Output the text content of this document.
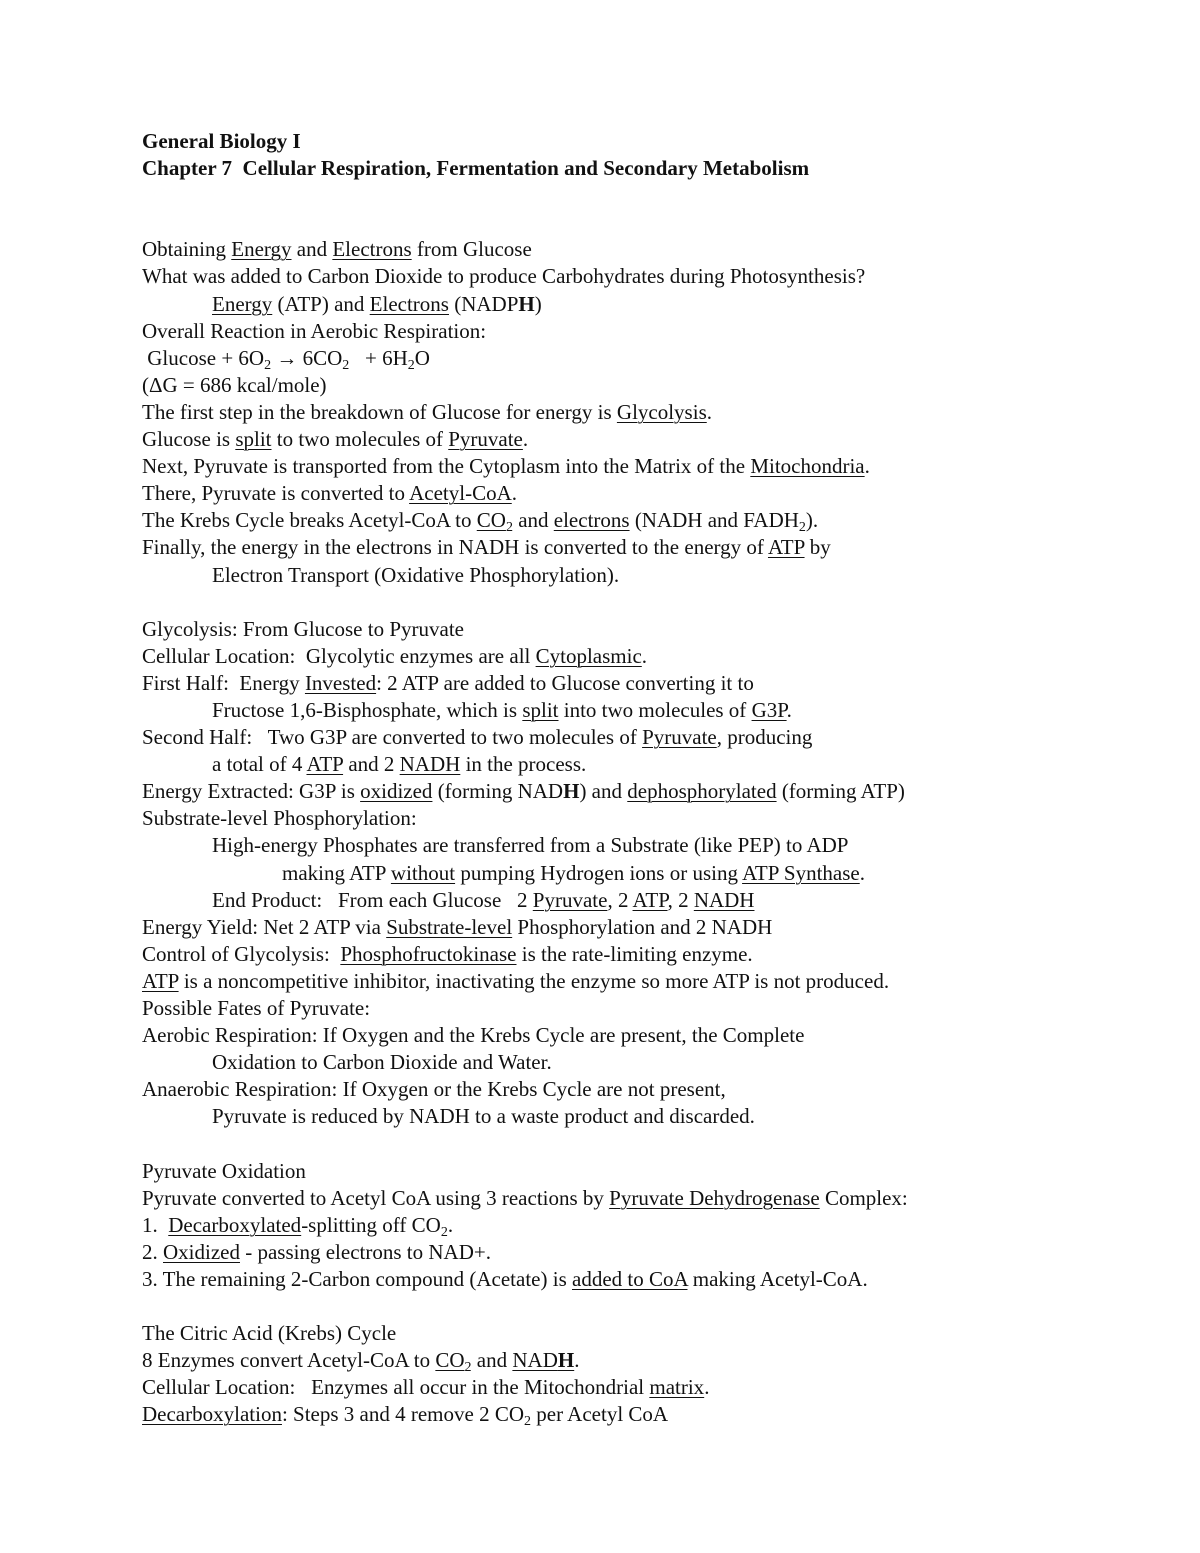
General Biology I
Chapter 7  Cellular Respiration, Fermentation and Secondary Metabolism
Obtaining Energy and Electrons from Glucose
What was added to Carbon Dioxide to produce Carbohydrates during Photosynthesis?
Energy (ATP) and Electrons (NADPH)
Overall Reaction in Aerobic Respiration:
$Glucose + 6O_2 \to 6CO_2 + 6H_2O$
(ΔG = 686 kcal/mole)
The first step in the breakdown of Glucose for energy is Glycolysis.
Glucose is split to two molecules of Pyruvate.
Next, Pyruvate is transported from the Cytoplasm into the Matrix of the Mitochondria.
There, Pyruvate is converted to Acetyl-CoA.
The Krebs Cycle breaks Acetyl-CoA to $CO_2$ and electrons (NADH and $FADH_2$).
Finally, the energy in the electrons in NADH is converted to the energy of ATP by
Electron Transport (Oxidative Phosphorylation).
Glycolysis: From Glucose to Pyruvate
Cellular Location:  Glycolytic enzymes are all Cytoplasmic.
First Half:  Energy Invested: 2 ATP are added to Glucose converting it to
Fructose 1,6-Bisphosphate, which is split into two molecules of G3P.
Second Half:   Two G3P are converted to two molecules of Pyruvate, producing
a total of 4 ATP and 2 NADH in the process.
Energy Extracted: G3P is oxidized (forming NADH) and dephosphorylated (forming ATP)
Substrate-level Phosphorylation:
High-energy Phosphates are transferred from a Substrate (like PEP) to ADP
making ATP without pumping Hydrogen ions or using ATP Synthase.
End Product:   From each Glucose   2 Pyruvate, 2 ATP, 2 NADH
Energy Yield: Net 2 ATP via Substrate-level Phosphorylation and 2 NADH
Control of Glycolysis:  Phosphofructokinase is the rate-limiting enzyme.
ATP is a noncompetitive inhibitor, inactivating the enzyme so more ATP is not produced.
Possible Fates of Pyruvate:
Aerobic Respiration: If Oxygen and the Krebs Cycle are present, the Complete
Oxidation to Carbon Dioxide and Water.
Anaerobic Respiration: If Oxygen or the Krebs Cycle are not present,
Pyruvate is reduced by NADH to a waste product and discarded.
Pyruvate Oxidation
Pyruvate converted to Acetyl CoA using 3 reactions by Pyruvate Dehydrogenase Complex:
1.  Decarboxylated-splitting off $CO_2$.
2. Oxidized - passing electrons to NAD+.
3. The remaining 2-Carbon compound (Acetate) is added to CoA making Acetyl-CoA.
The Citric Acid (Krebs) Cycle
8 Enzymes convert Acetyl-CoA to $CO_2$ and NADH.
Cellular Location:   Enzymes all occur in the Mitochondrial matrix.
Decarboxylation: Steps 3 and 4 remove 2 $CO_2$ per Acetyl CoA
